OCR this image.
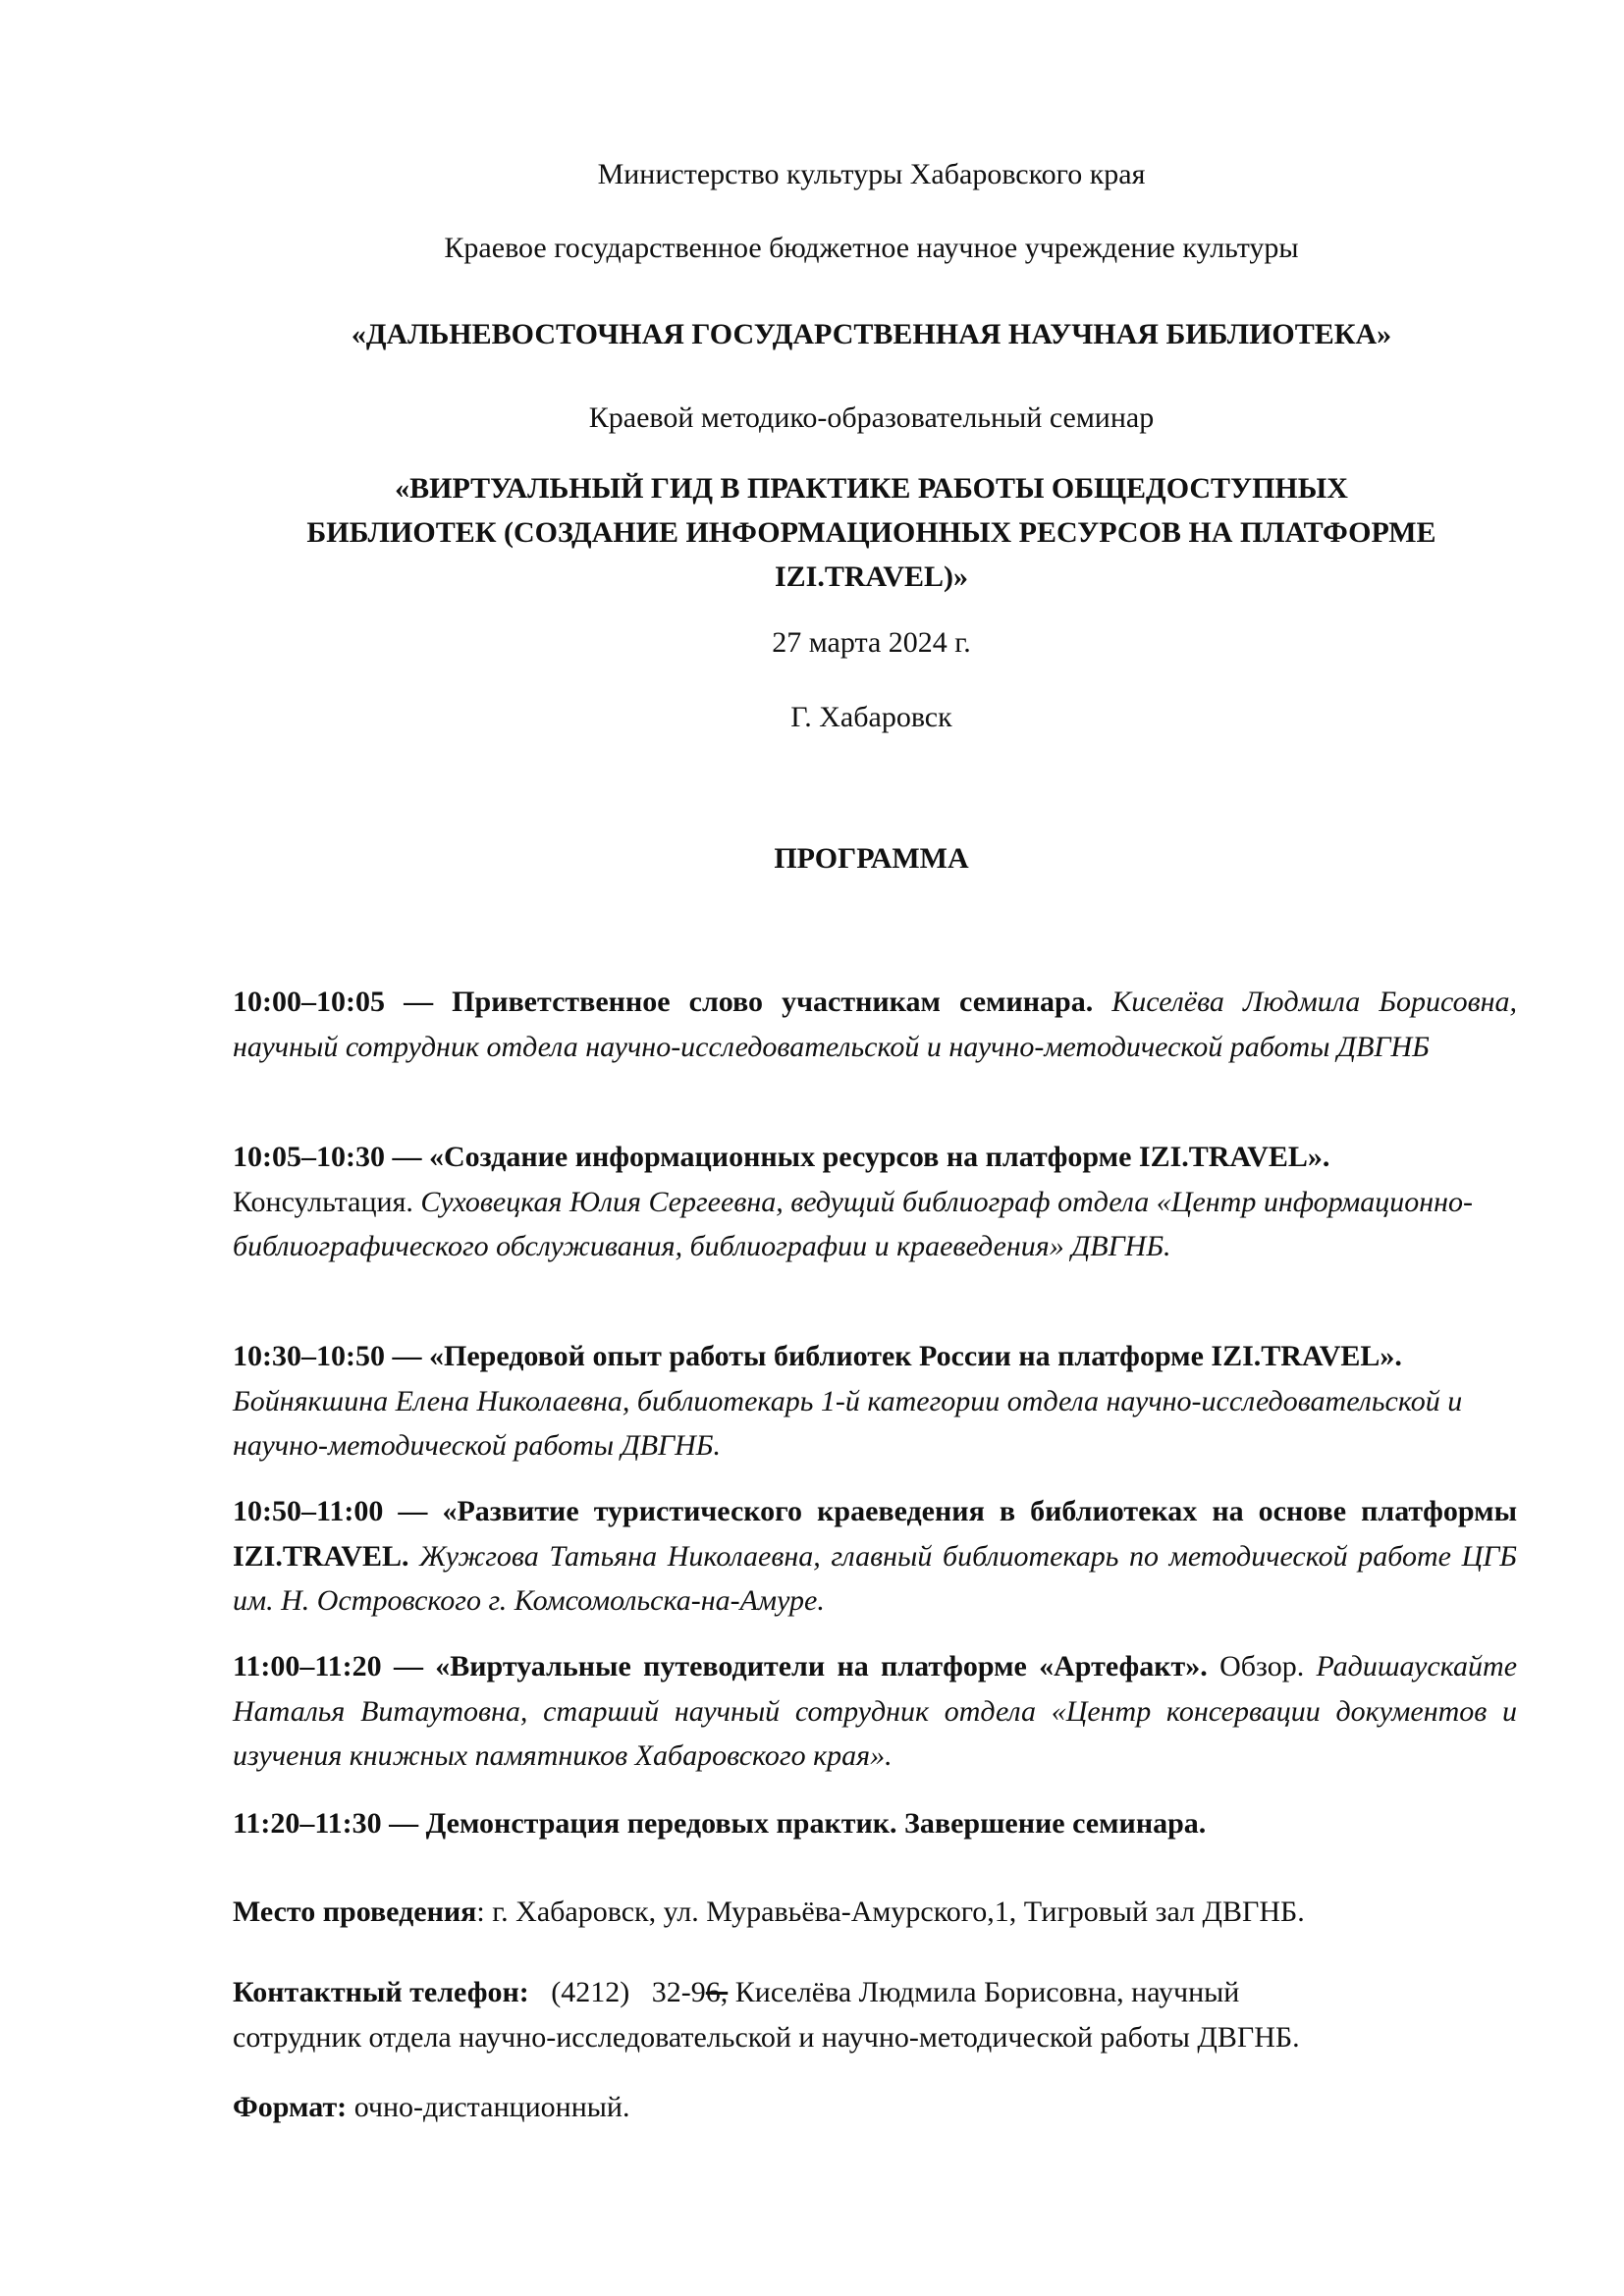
Министерство культуры Хабаровского края

Краевое государственное бюджетное научное учреждение культуры

«ДАЛЬНЕВОСТОЧНАЯ ГОСУДАРСТВЕННАЯ НАУЧНАЯ БИБЛИОТЕКА»

Краевой методико-образовательный семинар

«ВИРТУАЛЬНЫЙ ГИД В ПРАКТИКЕ РАБОТЫ ОБЩЕДОСТУПНЫХ
БИБЛИОТЕК (СОЗДАНИЕ ИНФОРМАЦИОННЫХ РЕСУРСОВ НА ПЛАТФОРМЕ
IZI.TRAVEL)»

27 марта 2024 г.

Г. Хабаровск

ПРОГРАММА

10:00–10:05 — Приветственное слово участникам семинара. Киселёва Людмила Борисовна, научный сотрудник отдела научно-исследовательской и научно-методической работы ДВГНБ

10:05–10:30 — «Создание информационных ресурсов на платформе IZI.TRAVEL». Консультация. Суховецкая Юлия Сергеевна, ведущий библиограф отдела «Центр информационно-библиографического обслуживания, библиографии и краеведения» ДВГНБ.

10:30–10:50 — «Передовой опыт работы библиотек России на платформе IZI.TRAVEL». Бойнякшина Елена Николаевна, библиотекарь 1-й категории отдела научно-исследовательской и научно-методической работы ДВГНБ.

10:50–11:00 — «Развитие туристического краеведения в библиотеках на основе платформы IZI.TRAVEL. Жужгова Татьяна Николаевна, главный библиотекарь по методической работе ЦГБ им. Н. Островского г. Комсомольска-на-Амуре.

11:00–11:20 — «Виртуальные путеводители на платформе «Артефакт». Обзор. Радишаускайте Наталья Витаутовна, старший научный сотрудник отдела «Центр консервации документов и изучения книжных памятников Хабаровского края».

11:20–11:30 — Демонстрация передовых практик. Завершение семинара.

Место проведения: г. Хабаровск, ул. Муравьёва-Амурского,1, Тигровый зал ДВГНБ.

Контактный телефон:   (4212)   32-96, Киселёва Людмила Борисовна, научный
сотрудник отдела научно-исследовательской и научно-методической работы ДВГНБ.

Формат: очно-дистанционный.
